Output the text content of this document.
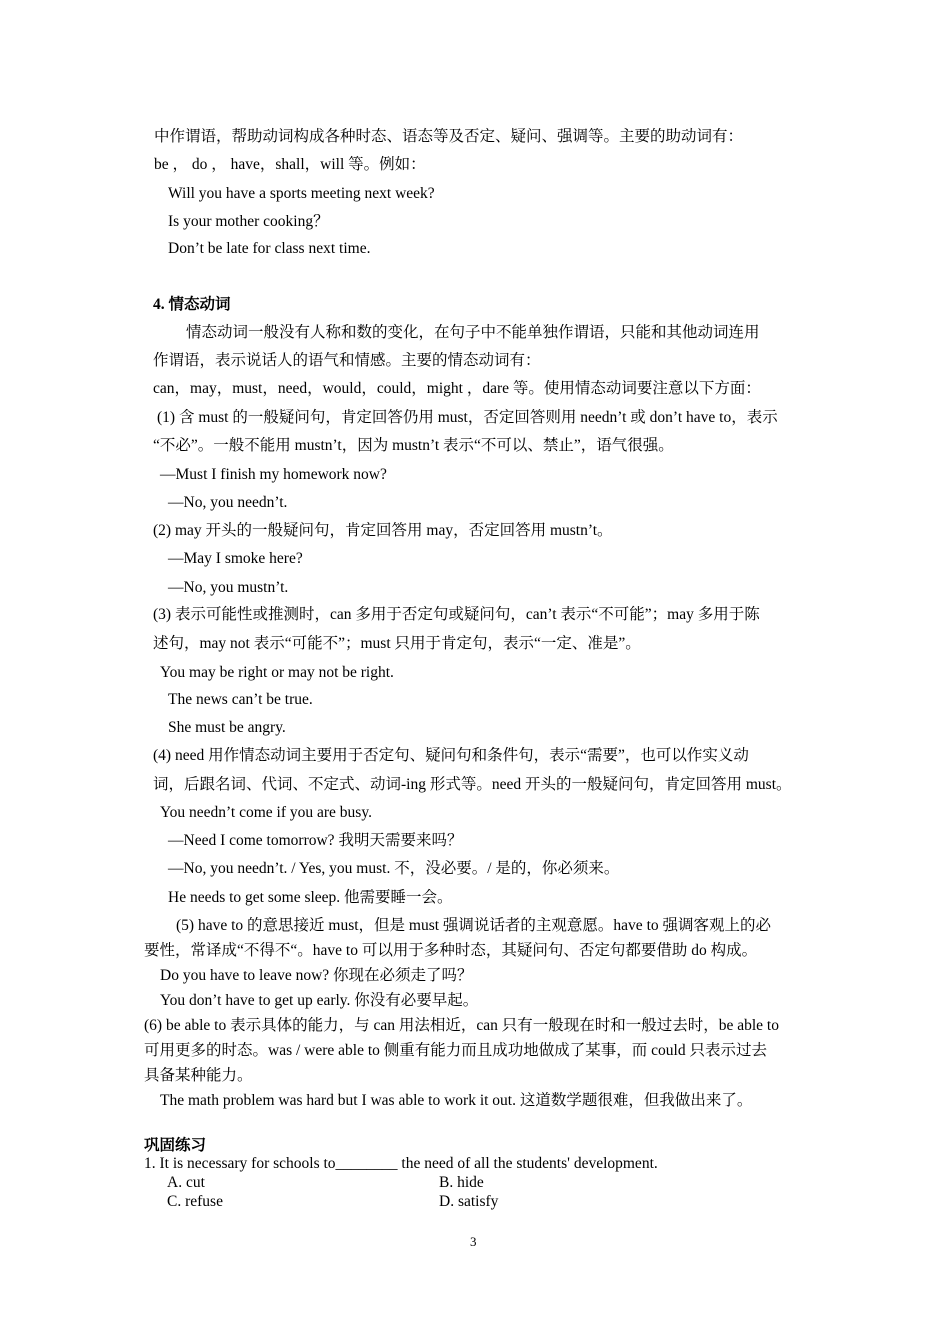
中作谓语，帮助动词构成各种时态、语态等及否定、疑问、强调等。主要的助动词有：
be ， do ， have，shall，will 等。例如：
Will you have a sports meeting next week?
Is your mother cooking？
Don’t be late for class next time.
4. 情态动词
情态动词一般没有人称和数的变化，在句子中不能单独作谓语，只能和其他动词连用
作谓语，表示说话人的语气和情感。主要的情态动词有：
can，may，must，need，would，could，might ，dare 等。使用情态动词要注意以下方面：
(1) 含 must 的一般疑问句，肯定回答仍用 must，否定回答则用 needn’t 或 don’t have to，表示
“不必”。一般不能用 mustn’t，因为 mustn’t 表示“不可以、禁止”，语气很强。
—Must I finish my homework now?
—No, you needn’t.
(2) may 开头的一般疑问句，肯定回答用 may，否定回答用 mustn’t。
—May I smoke here?
—No, you mustn’t.
(3) 表示可能性或推测时，can 多用于否定句或疑问句，can’t 表示“不可能”；may 多用于陈
述句，may not 表示“可能不”；must 只用于肯定句，表示“一定、准是”。
You may be right or may not be right.
The news can’t be true.
She must be angry.
(4) need 用作情态动词主要用于否定句、疑问句和条件句，表示“需要”，也可以作实义动
词，后跟名词、代词、不定式、动词-ing 形式等。need 开头的一般疑问句，肯定回答用 must。
You needn’t come if you are busy.
—Need I come tomorrow? 我明天需要来吗？
—No, you needn’t. / Yes, you must. 不，没必要。/ 是的，你必须来。
He needs to get some sleep. 他需要睡一会。
(5) have to 的意思接近 must，但是 must 强调说话者的主观意愿。have to 强调客观上的必
要性，常译成“不得不“。have to 可以用于多种时态，其疑问句、否定句都要借助 do 构成。
Do you have to leave now? 你现在必须走了吗？
You don’t have to get up early. 你没有必要早起。
(6) be able to 表示具体的能力，与 can 用法相近，can 只有一般现在时和一般过去时，be able to
可用更多的时态。was / were able to 侧重有能力而且成功地做成了某事，而 could 只表示过去
具备某种能力。
The math problem was hard but I was able to work it out. 这道数学题很难，但我做出来了。
巩固练习
1. It is necessary for schools to________ the need of all the students' development.
A. cut	B. hide
C. refuse	D. satisfy
3
